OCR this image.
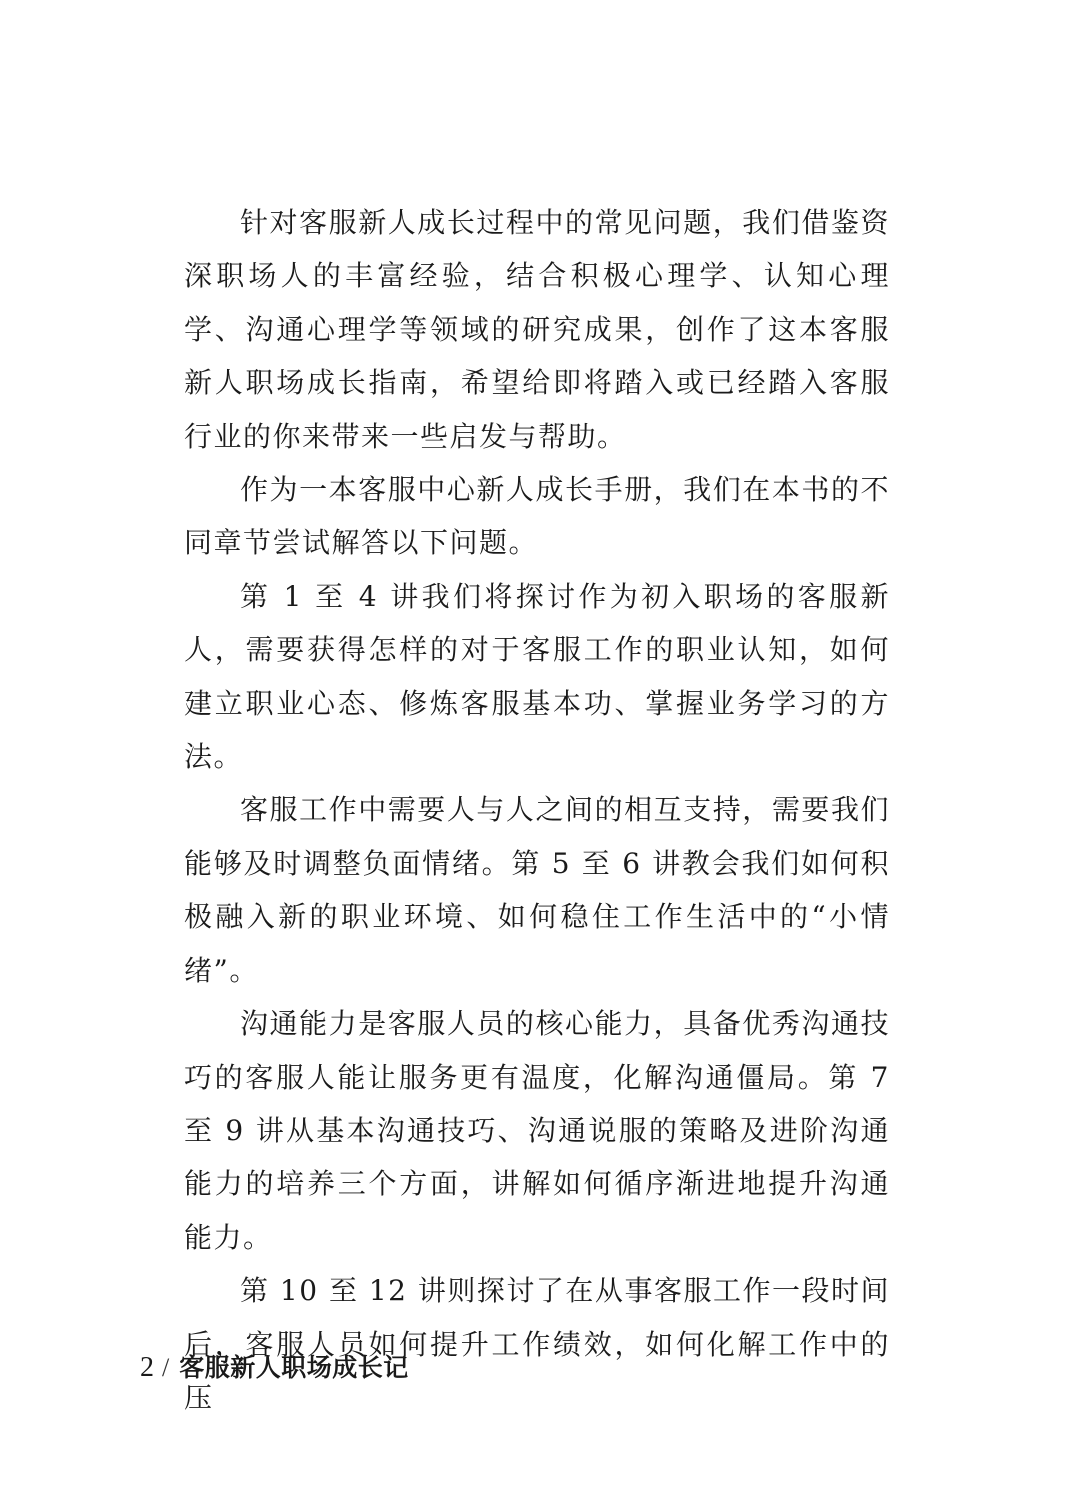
针对客服新人成长过程中的常见问题，我们借鉴资深职场人的丰富经验，结合积极心理学、认知心理学、沟通心理学等领域的研究成果，创作了这本客服新人职场成长指南，希望给即将踏入或已经踏入客服行业的你来带来一些启发与帮助。

作为一本客服中心新人成长手册，我们在本书的不同章节尝试解答以下问题。

第 1 至 4 讲我们将探讨作为初入职场的客服新人，需要获得怎样的对于客服工作的职业认知，如何建立职业心态、修炼客服基本功、掌握业务学习的方法。

客服工作中需要人与人之间的相互支持，需要我们能够及时调整负面情绪。第 5 至 6 讲教会我们如何积极融入新的职业环境、如何稳住工作生活中的“小情绪”。

沟通能力是客服人员的核心能力，具备优秀沟通技巧的客服人能让服务更有温度，化解沟通僵局。第 7 至 9 讲从基本沟通技巧、沟通说服的策略及进阶沟通能力的培养三个方面，讲解如何循序渐进地提升沟通能力。

第 10 至 12 讲则探讨了在从事客服工作一段时间后，客服人员如何提升工作绩效，如何化解工作中的压

2 / 客服新人职场成长记
